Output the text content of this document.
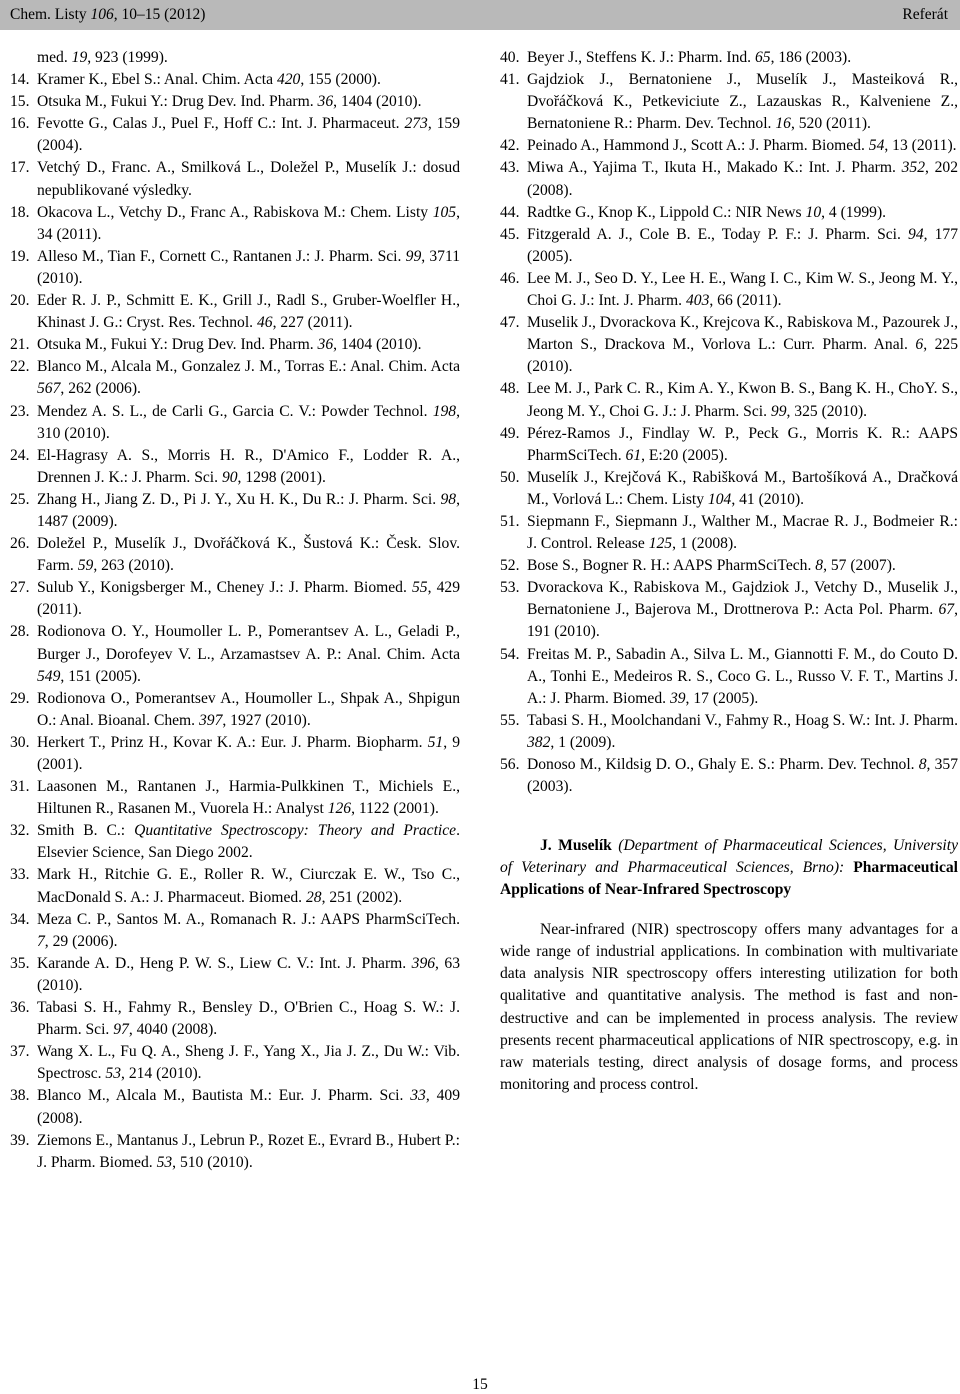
Chem. Listy 106, 10–15 (2012)	Referát
med. 19, 923 (1999).
14. Kramer K., Ebel S.: Anal. Chim. Acta 420, 155 (2000).
15. Otsuka M., Fukui Y.: Drug Dev. Ind. Pharm. 36, 1404 (2010).
16. Fevotte G., Calas J., Puel F., Hoff C.: Int. J. Pharmaceut. 273, 159 (2004).
17. Vetchý D., Franc. A., Smilková L., Doležel P., Muselík J.: dosud nepublikované výsledky.
18. Okacova L., Vetchy D., Franc A., Rabiskova M.: Chem. Listy 105, 34 (2011).
19. Alleso M., Tian F., Cornett C., Rantanen J.: J. Pharm. Sci. 99, 3711 (2010).
20. Eder R. J. P., Schmitt E. K., Grill J., Radl S., Gruber-Woelfler H., Khinast J. G.: Cryst. Res. Technol. 46, 227 (2011).
21. Otsuka M., Fukui Y.: Drug Dev. Ind. Pharm. 36, 1404 (2010).
22. Blanco M., Alcala M., Gonzalez J. M., Torras E.: Anal. Chim. Acta 567, 262 (2006).
23. Mendez A. S. L., de Carli G., Garcia C. V.: Powder Technol. 198, 310 (2010).
24. El-Hagrasy A. S., Morris H. R., D'Amico F., Lodder R. A., Drennen J. K.: J. Pharm. Sci. 90, 1298 (2001).
25. Zhang H., Jiang Z. D., Pi J. Y., Xu H. K., Du R.: J. Pharm. Sci. 98, 1487 (2009).
26. Doležel P., Muselík J., Dvořáčková K., Šustová K.: Česk. Slov. Farm. 59, 263 (2010).
27. Sulub Y., Konigsberger M., Cheney J.: J. Pharm. Biomed. 55, 429 (2011).
28. Rodionova O. Y., Houmoller L. P., Pomerantsev A. L., Geladi P., Burger J., Dorofeyev V. L., Arzamastsev A. P.: Anal. Chim. Acta 549, 151 (2005).
29. Rodionova O., Pomerantsev A., Houmoller L., Shpak A., Shpigun O.: Anal. Bioanal. Chem. 397, 1927 (2010).
30. Herkert T., Prinz H., Kovar K. A.: Eur. J. Pharm. Biopharm. 51, 9 (2001).
31. Laasonen M., Rantanen J., Harmia-Pulkkinen T., Michiels E., Hiltunen R., Rasanen M., Vuorela H.: Analyst 126, 1122 (2001).
32. Smith B. C.: Quantitative Spectroscopy: Theory and Practice. Elsevier Science, San Diego 2002.
33. Mark H., Ritchie G. E., Roller R. W., Ciurczak E. W., Tso C., MacDonald S. A.: J. Pharmaceut. Biomed. 28, 251 (2002).
34. Meza C. P., Santos M. A., Romanach R. J.: AAPS PharmSciTech. 7, 29 (2006).
35. Karande A. D., Heng P. W. S., Liew C. V.: Int. J. Pharm. 396, 63 (2010).
36. Tabasi S. H., Fahmy R., Bensley D., O'Brien C., Hoag S. W.: J. Pharm. Sci. 97, 4040 (2008).
37. Wang X. L., Fu Q. A., Sheng J. F., Yang X., Jia J. Z., Du W.: Vib. Spectrosc. 53, 214 (2010).
38. Blanco M., Alcala M., Bautista M.: Eur. J. Pharm. Sci. 33, 409 (2008).
39. Ziemons E., Mantanus J., Lebrun P., Rozet E., Evrard B., Hubert P.: J. Pharm. Biomed. 53, 510 (2010).
40. Beyer J., Steffens K. J.: Pharm. Ind. 65, 186 (2003).
41. Gajdziok J., Bernatoniene J., Muselík J., Masteiková R., Dvořáčková K., Petkeviciute Z., Lazauskas R., Kalveniene Z., Bernatoniene R.: Pharm. Dev. Technol. 16, 520 (2011).
42. Peinado A., Hammond J., Scott A.: J. Pharm. Biomed. 54, 13 (2011).
43. Miwa A., Yajima T., Ikuta H., Makado K.: Int. J. Pharm. 352, 202 (2008).
44. Radtke G., Knop K., Lippold C.: NIR News 10, 4 (1999).
45. Fitzgerald A. J., Cole B. E., Today P. F.: J. Pharm. Sci. 94, 177 (2005).
46. Lee M. J., Seo D. Y., Lee H. E., Wang I. C., Kim W. S., Jeong M. Y., Choi G. J.: Int. J. Pharm. 403, 66 (2011).
47. Muselik J., Dvorackova K., Krejcova K., Rabiskova M., Pazourek J., Marton S., Drackova M., Vorlova L.: Curr. Pharm. Anal. 6, 225 (2010).
48. Lee M. J., Park C. R., Kim A. Y., Kwon B. S., Bang K. H., ChoY. S., Jeong M. Y., Choi G. J.: J. Pharm. Sci. 99, 325 (2010).
49. Pérez-Ramos J., Findlay W. P., Peck G., Morris K. R.: AAPS PharmSciTech. 61, E:20 (2005).
50. Muselík J., Krejčová K., Rabišková M., Bartošíková A., Dračková M., Vorlová L.: Chem. Listy 104, 41 (2010).
51. Siepmann F., Siepmann J., Walther M., Macrae R. J., Bodmeier R.: J. Control. Release 125, 1 (2008).
52. Bose S., Bogner R. H.: AAPS PharmSciTech. 8, 57 (2007).
53. Dvorackova K., Rabiskova M., Gajdziok J., Vetchy D., Muselik J., Bernatoniene J., Bajerova M., Drottnerova P.: Acta Pol. Pharm. 67, 191 (2010).
54. Freitas M. P., Sabadin A., Silva L. M., Giannotti F. M., do Couto D. A., Tonhi E., Medeiros R. S., Coco G. L., Russo V. F. T., Martins J. A.: J. Pharm. Biomed. 39, 17 (2005).
55. Tabasi S. H., Moolchandani V., Fahmy R., Hoag S. W.: Int. J. Pharm. 382, 1 (2009).
56. Donoso M., Kildsig D. O., Ghaly E. S.: Pharm. Dev. Technol. 8, 357 (2003).
J. Muselík (Department of Pharmaceutical Sciences, University of Veterinary and Pharmaceutical Sciences, Brno): Pharmaceutical Applications of Near-Infrared Spectroscopy
Near-infrared (NIR) spectroscopy offers many advantages for a wide range of industrial applications. In combination with multivariate data analysis NIR spectroscopy offers interesting utilization for both qualitative and quantitative analysis. The method is fast and non-destructive and can be implemented in process analysis. The review presents recent pharmaceutical applications of NIR spectroscopy, e.g. in raw materials testing, direct analysis of dosage forms, and process monitoring and process control.
15
